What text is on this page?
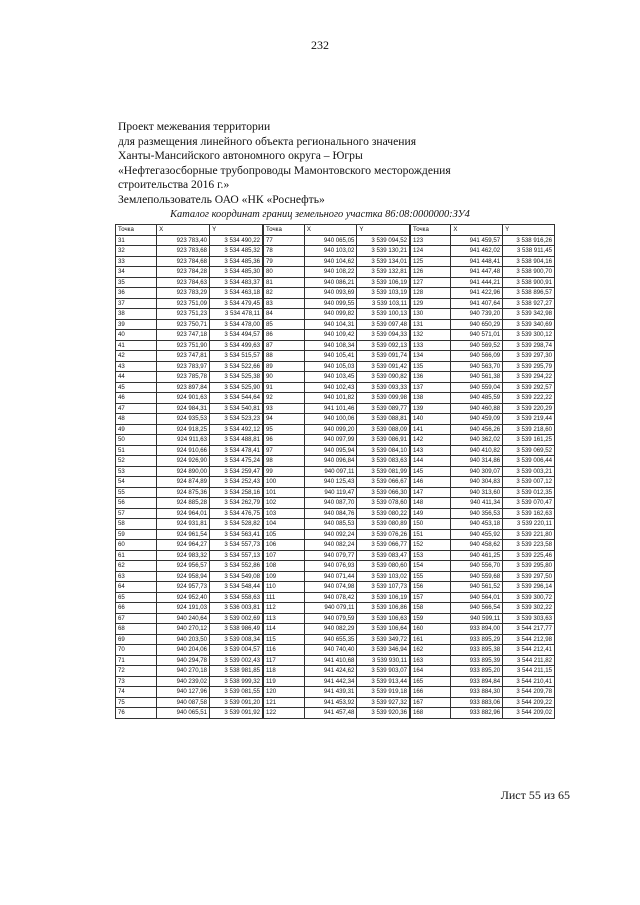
232
Проект межевания территории
для размещения линейного объекта регионального значения
Ханты-Мансийского автономного округа – Югры
«Нефтегазосборные трубопроводы Мамонтовского месторождения
строительства 2016 г.»
Землепользователь ОАО «НК «Роснефть»
Каталог координат границ земельного участка 86:08:0000000:ЗУ4
Точка	X	Y
31	923 783,40	3 534 490,22
32	923 783,68	3 534 485,32
33	923 784,68	3 534 485,36
34	923 784,28	3 534 485,30
35	923 784,63	3 534 483,37
36	923 783,29	3 534 463,18
37	923 751,09	3 534 479,45
38	923 751,23	3 534 478,11
39	923 750,71	3 534 478,00
40	923 747,18	3 534 494,57
41	923 751,90	3 534 499,63
42	923 747,81	3 534 515,57
43	923 783,97	3 534 522,66
44	923 785,78	3 534 525,38
45	923 897,84	3 534 525,90
46	924 901,63	3 534 544,64
47	924 984,31	3 534 540,81
48	924 935,53	3 534 523,23
49	924 918,25	3 534 492,12
50	924 911,63	3 534 488,81
51	924 910,66	3 534 478,41
52	924 926,90	3 534 475,24
53	924 890,00	3 534 259,47
54	924 874,89	3 534 252,43
55	924 875,36	3 534 258,16
56	924 885,28	3 534 262,79
57	924 964,01	3 534 476,75
58	924 931,81	3 534 528,82
59	924 961,54	3 534 563,41
60	924 964,27	3 534 557,73
61	924 983,32	3 534 557,13
62	924 956,57	3 534 552,86
63	924 958,94	3 534 549,08
64	924 957,73	3 534 548,44
65	924 952,40	3 534 558,63
66	924 191,03	3 536 003,81
67	940 240,64	3 539 002,69
68	940 270,12	3 538 986,49
69	940 203,50	3 539 008,34
70	940 204,06	3 539 004,57
71	940 294,78	3 539 002,43
72	940 270,18	3 538 981,85
73	940 239,02	3 538 999,32
74	940 127,96	3 539 081,55
75	940 087,58	3 539 091,20
76	940 065,51	3 539 091,92
Точка	X	Y
77	940 065,05	3 539 094,52
78	940 103,02	3 539 130,21
79	940 104,62	3 539 134,01
80	940 108,22	3 539 132,81
81	940 086,21	3 539 106,19
82	940 093,69	3 539 103,19
83	940 099,55	3 539 103,11
84	940 099,82	3 539 100,13
85	940 104,31	3 539 097,48
86	940 109,42	3 539 094,33
87	940 108,34	3 539 092,13
88	940 105,41	3 539 091,74
89	940 105,03	3 539 091,42
90	940 103,45	3 539 090,82
91	940 102,43	3 539 093,33
92	940 101,82	3 539 099,98
93	941 101,46	3 539 089,77
94	940 100,06	3 539 088,81
95	940 099,20	3 539 088,09
96	940 097,99	3 539 086,91
97	940 095,94	3 539 084,10
98	940 096,84	3 539 083,63
99	940 097,11	3 539 081,99
100	940 125,43	3 539 066,67
101	940 119,47	3 539 066,30
102	940 087,70	3 539 078,60
103	940 084,76	3 539 080,22
104	940 085,53	3 539 080,89
105	940 092,24	3 539 076,26
106	940 082,24	3 539 066,77
107	940 079,77	3 539 083,47
108	940 076,93	3 539 080,60
109	940 071,44	3 539 103,02
110	940 074,98	3 539 107,73
111	940 078,42	3 539 106,19
112	940 079,11	3 539 106,86
113	940 079,59	3 539 106,63
114	940 082,29	3 539 106,64
115	940 655,35	3 539 349,72
116	940 740,40	3 539 346,94
117	941 410,68	3 539 930,11
118	941 424,62	3 539 903,07
119	941 442,34	3 539 913,44
120	941 439,31	3 539 919,18
121	941 453,92	3 539 927,32
122	941 457,48	3 539 920,36
Точка	X	Y
123	941 459,57	3 538 916,26
124	941 462,02	3 538 911,45
125	941 448,41	3 538 904,16
126	941 447,48	3 538 900,70
127	941 444,21	3 538 900,91
128	941 422,96	3 538 896,57
129	941 407,64	3 538 927,27
130	940 739,20	3 539 342,98
131	940 650,29	3 539 340,69
132	940 571,01	3 539 300,12
133	940 569,52	3 539 298,74
134	940 566,09	3 539 297,30
135	940 563,70	3 539 295,79
136	940 561,38	3 539 294,22
137	940 559,04	3 539 292,57
138	940 485,59	3 539 222,22
139	940 460,88	3 539 220,29
140	940 459,09	3 539 219,44
141	940 456,26	3 539 218,60
142	940 362,02	3 539 161,25
143	940 410,82	3 539 069,52
144	940 314,86	3 539 006,44
145	940 309,07	3 539 003,21
146	940 304,83	3 539 007,12
147	940 313,60	3 539 012,35
148	940 411,34	3 539 070,47
149	940 356,53	3 539 162,63
150	940 453,18	3 539 220,11
151	940 455,92	3 539 221,80
152	940 458,62	3 539 223,58
153	940 461,25	3 539 225,46
154	940 556,70	3 539 295,80
155	940 559,68	3 539 297,50
156	940 561,52	3 539 296,14
157	940 564,01	3 539 300,72
158	940 566,54	3 539 302,22
159	940 599,11	3 539 303,63
160	933 894,00	3 544 217,77
161	933 895,29	3 544 212,98
162	933 895,38	3 544 212,41
163	933 895,39	3 544 211,82
164	933 895,20	3 544 211,15
165	933 894,84	3 544 210,41
166	933 884,30	3 544 209,78
167	933 883,06	3 544 209,22
168	933 882,96	3 544 209,02
Лист 55 из 65
